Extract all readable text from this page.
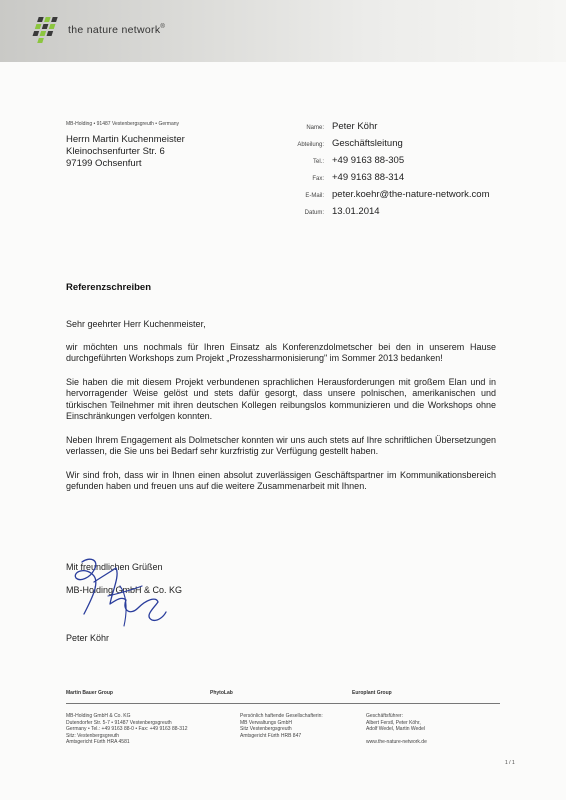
the nature network®
MB-Holding • 91487 Vestenbergsgreuth • Germany
Herrn Martin Kuchenmeister
Kleinochsenfurter Str. 6
97199 Ochsenfurt
Name: Peter Köhr
Abteilung: Geschäftsleitung
Tel.: +49 9163 88-305
Fax: +49 9163 88-314
E-Mail: peter.koehr@the-nature-network.com
Datum: 13.01.2014
Referenzschreiben

Sehr geehrter Herr Kuchenmeister,

wir möchten uns nochmals für Ihren Einsatz als Konferenzdolmetscher bei den in unserem Hause durchgeführten Workshops zum Projekt „Prozessharmonisierung" im Sommer 2013 bedanken!

Sie haben die mit diesem Projekt verbundenen sprachlichen Herausforderungen mit großem Elan und in hervorragender Weise gelöst und stets dafür gesorgt, dass unsere polnischen, amerikanischen und türkischen Teilnehmer mit ihren deutschen Kollegen reibungslos kommunizieren und die Workshops ohne Einschränkungen verfolgen konnten.

Neben Ihrem Engagement als Dolmetscher konnten wir uns auch stets auf Ihre schriftlichen Übersetzungen verlassen, die Sie uns bei Bedarf sehr kurzfristig zur Verfügung gestellt haben.

Wir sind froh, dass wir in Ihnen einen absolut zuverlässigen Geschäftspartner im Kommunikationsbereich gefunden haben und freuen uns auf die weitere Zusammenarbeit mit Ihnen.

Mit freundlichen Grüßen
MB-Holding GmbH & Co. KG
Peter Köhr
Martin Bauer Group	PhytoLab	Europlant Group
MB-Holding GmbH & Co. KG
Dutendorfer Str. 5-7 • 91487 Vestenbergsgreuth
Germany • Tel.: +49 9163 88-0 • Fax: +49 9163 88-312
Sitz: Vestenbergsgreuth
Amtsgericht Fürth HRA 4581
Persönlich haftende Gesellschafterin:
MB Verwaltungs GmbH
Sitz Vestenbergsgreuth
Amtsgericht Fürth HRB 847
Geschäftsführer:
Albert Ferstl, Peter Köhr,
Adolf Wedel, Martin Wedel

www.the-nature-network.de
1 / 1
